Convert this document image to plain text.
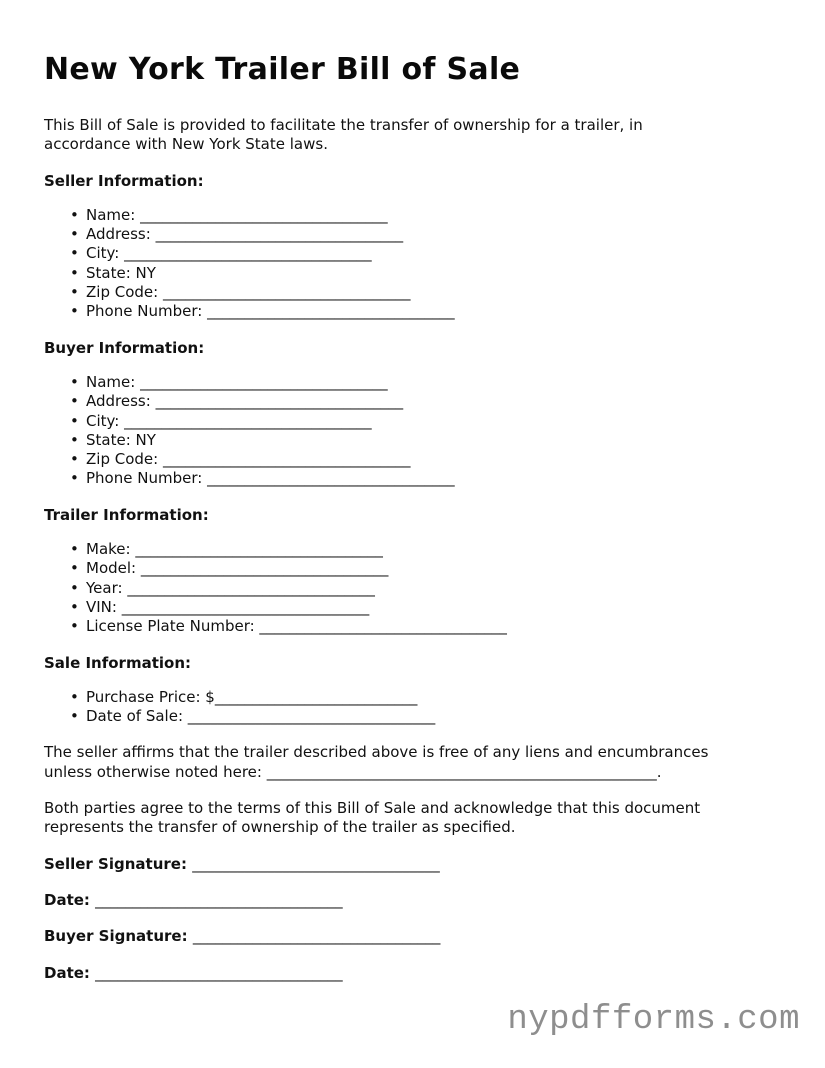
New York Trailer Bill of Sale

This Bill of Sale is provided to facilitate the transfer of ownership for a trailer, in
accordance with New York State laws.

Seller Information:
• Name: _________________________________
• Address: _________________________________
• City: _________________________________
• State: NY
• Zip Code: _________________________________
• Phone Number: _________________________________
Buyer Information:
• Name: _________________________________
• Address: _________________________________
• City: _________________________________
• State: NY
• Zip Code: _________________________________
• Phone Number: _________________________________
Trailer Information:
• Make: _________________________________
• Model: _________________________________
• Year: _________________________________
• VIN: _________________________________
• License Plate Number: _________________________________
Sale Information:
• Purchase Price: $___________________________
• Date of Sale: _________________________________

The seller affirms that the trailer described above is free of any liens and encumbrances
unless otherwise noted here: ____________________________________________________.

Both parties agree to the terms of this Bill of Sale and acknowledge that this document
represents the transfer of ownership of the trailer as specified.

Seller Signature: _________________________________

Date: _________________________________

Buyer Signature: _________________________________

Date: _________________________________

nypdfforms.com
